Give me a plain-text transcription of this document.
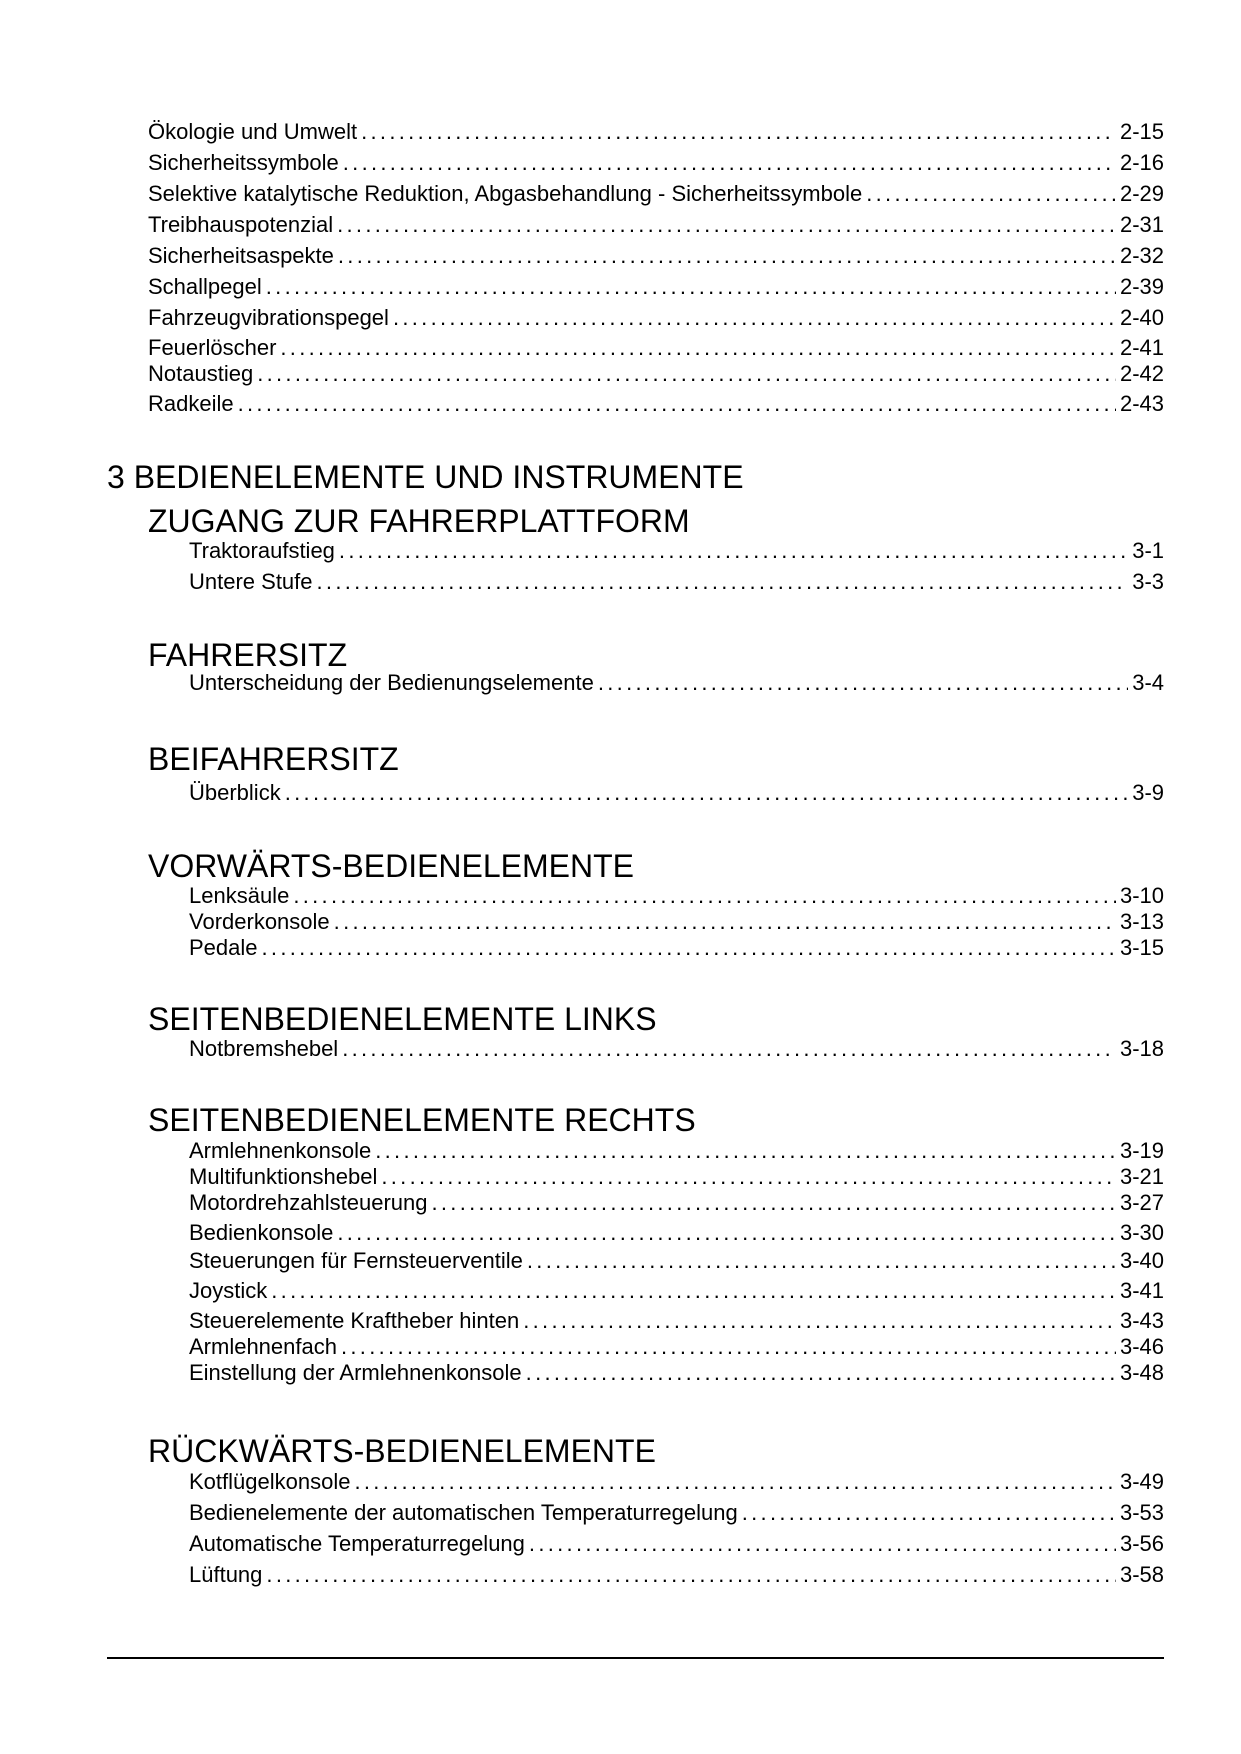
Ökologie und Umwelt .....	2-15
Sicherheitssymbole .....	2-16
Selektive katalytische Reduktion, Abgasbehandlung - Sicherheitssymbole .....	2-29
Treibhauspotenzial .....	2-31
Sicherheitsaspekte .....	2-32
Schallpegel .....	2-39
Fahrzeugvibrationspegel .....	2-40
Feuerlöscher .....	2-41
Notaustieg .....	2-42
Radkeile .....	2-43
3 BEDIENELEMENTE UND INSTRUMENTE
ZUGANG ZUR FAHRERPLATTFORM
Traktoraufstieg .....	3-1
Untere Stufe .....	3-3
FAHRERSITZ
Unterscheidung der Bedienungselemente .....	3-4
BEIFAHRERSITZ
Überblick .....	3-9
VORWÄRTS-BEDIENELEMENTE
Lenksäule .....	3-10
Vorderkonsole .....	3-13
Pedale .....	3-15
SEITENBEDIENELEMENTE LINKS
Notbremshebel .....	3-18
SEITENBEDIENELEMENTE RECHTS
Armlehnenkonsole .....	3-19
Multifunktionshebel .....	3-21
Motordrehzahlsteuerung .....	3-27
Bedienkonsole .....	3-30
Steuerungen für Fernsteuerventile .....	3-40
Joystick .....	3-41
Steuerelemente Kraftheber hinten .....	3-43
Armlehnenfach .....	3-46
Einstellung der Armlehnenkonsole .....	3-48
RÜCKWÄRTS-BEDIENELEMENTE
Kotflügelkonsole .....	3-49
Bedienelemente der automatischen Temperaturregelung .....	3-53
Automatische Temperaturregelung .....	3-56
Lüftung .....	3-58
